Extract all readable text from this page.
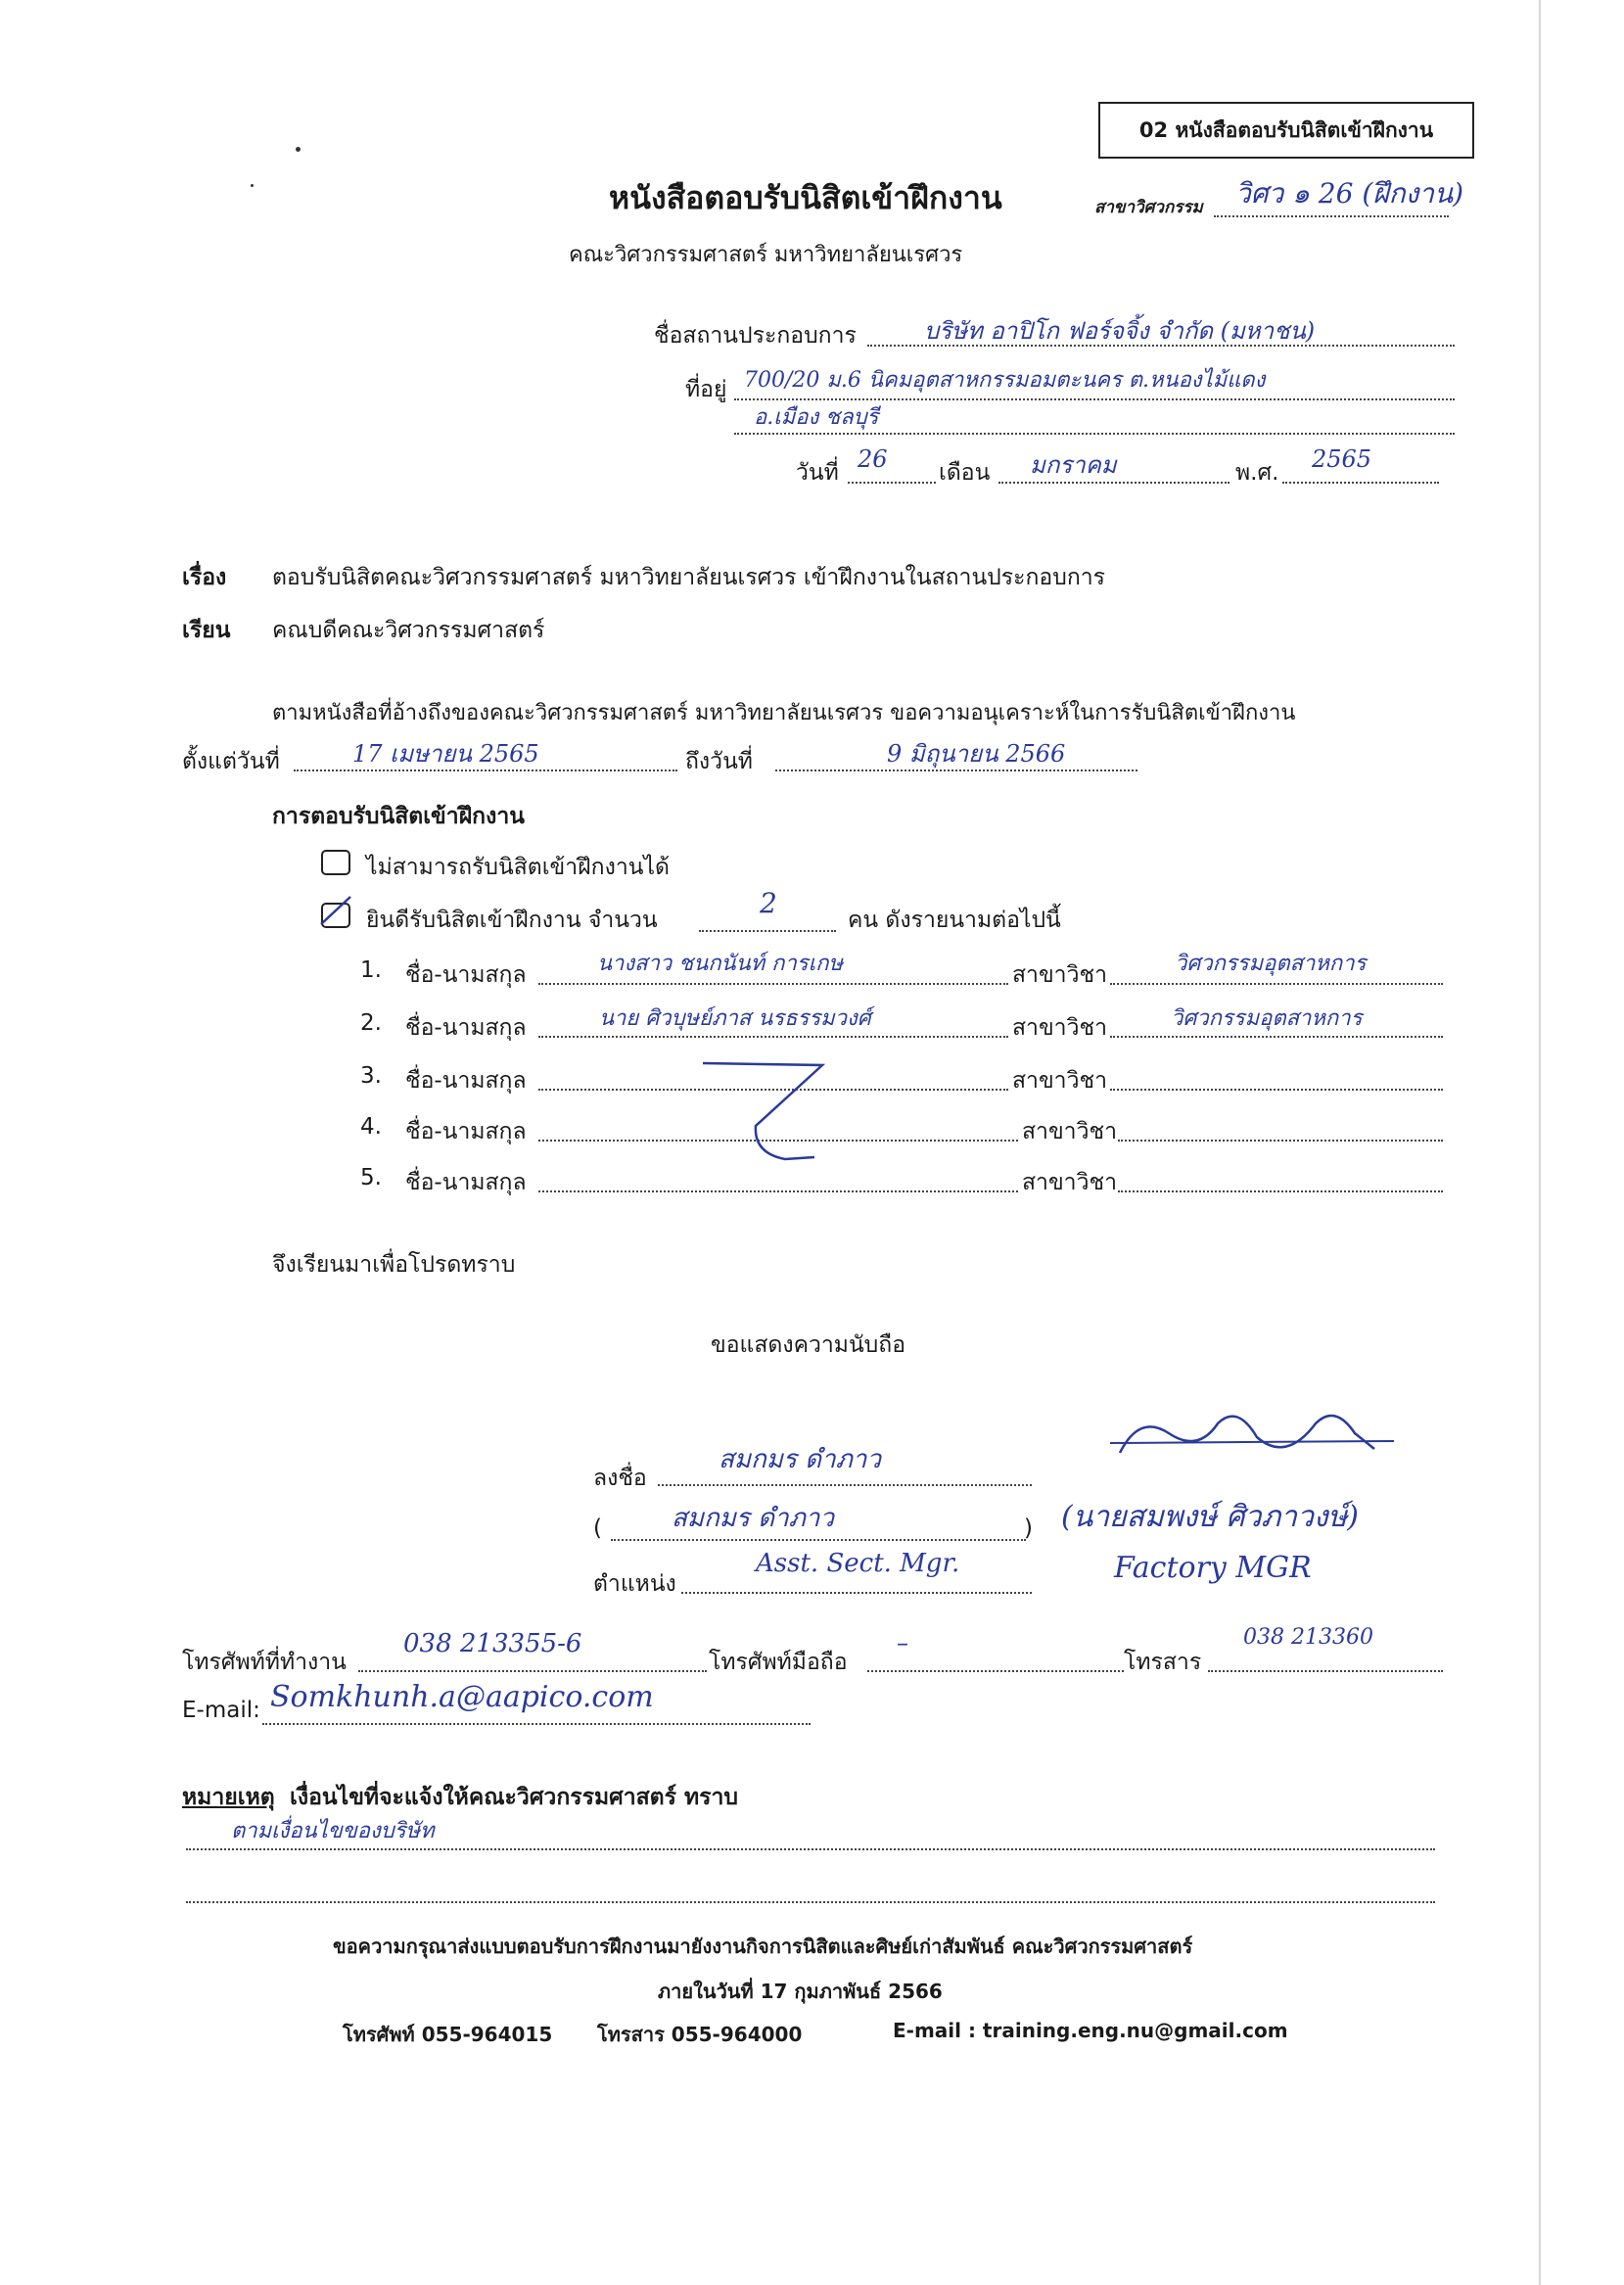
02 หนังสือตอบรับนิสิตเข้าฝึกงาน
หนังสือตอบรับนิสิตเข้าฝึกงาน	สาขาวิศวกรรม วิศว ๑ 26 (ฝึกงาน)
คณะวิศวกรรมศาสตร์ มหาวิทยาลัยนเรศวร
ชื่อสถานประกอบการ	บริษัท อาปิโก ฟอร์จจิ้ง จำกัด (มหาชน)
ที่อยู่ 700/20 ม.6 นิคมอุตสาหกรรมอมตะนคร ต.หนองไม้แดง
อ.เมือง ชลบุรี
วันที่ 26 เดือน มกราคม	พ.ศ. 2565
เรื่อง ตอบรับนิสิตคณะวิศวกรรมศาสตร์ มหาวิทยาลัยนเรศวร เข้าฝึกงานในสถานประกอบการ
เรียน คณบดีคณะวิศวกรรมศาสตร์
ตามหนังสือที่อ้างถึงของคณะวิศวกรรมศาสตร์ มหาวิทยาลัยนเรศวร ขอความอนุเคราะห์ในการรับนิสิตเข้าฝึกงาน
ตั้งแต่วันที่	17 เมษายน 2565	ถึงวันที่	9 มิถุนายน 2566
การตอบรับนิสิตเข้าฝึกงาน
ไม่สามารถรับนิสิตเข้าฝึกงานได้
ยินดีรับนิสิตเข้าฝึกงาน จำนวน
2
คน ดังรายนามต่อไปนี้
1. ชื่อ-นามสกุล	นางสาว ชนกนันท์ การเกษ	สาขาวิชา	วิศวกรรมอุตสาหการ
2. ชื่อ-นามสกุล	นาย ศิวบุษย์ภาส นรธรรมวงศ์	สาขาวิชา	วิศวกรรมอุตสาหการ
3. ชื่อ-นามสกุล	สาขาวิชา
4. ชื่อ-นามสกุล	สาขาวิชา
5. ชื่อ-นามสกุล	สาขาวิชา
จึงเรียนมาเพื่อโปรดทราบ
ขอแสดงความนับถือ
ลงชื่อ
สมกมร ดำภาว
(	สมกมร ดำภาว	)
ตำแหน่ง
Asst. Sect. Mgr.
(นายสมพงษ์ ศิวภาวงษ์)
Factory MGR
โทรศัพท์ที่ทำงาน
038 213355-6
โทรศัพท์มือถือ
–
โทรสาร
038 213360
E-mail: Somkhunh.a@aapico.com
หมายเหตุ เงื่อนไขที่จะแจ้งให้คณะวิศวกรรมศาสตร์ ทราบ
ตามเงื่อนไขของบริษัท
ขอความกรุณาส่งแบบตอบรับการฝึกงานมายังงานกิจการนิสิตและศิษย์เก่าสัมพันธ์ คณะวิศวกรรมศาสตร์
ภายในวันที่ 17 กุมภาพันธ์ 2566
โทรศัพท์ 055-964015 โทรสาร 055-964000	E-mail : training.eng.nu@gmail.com
